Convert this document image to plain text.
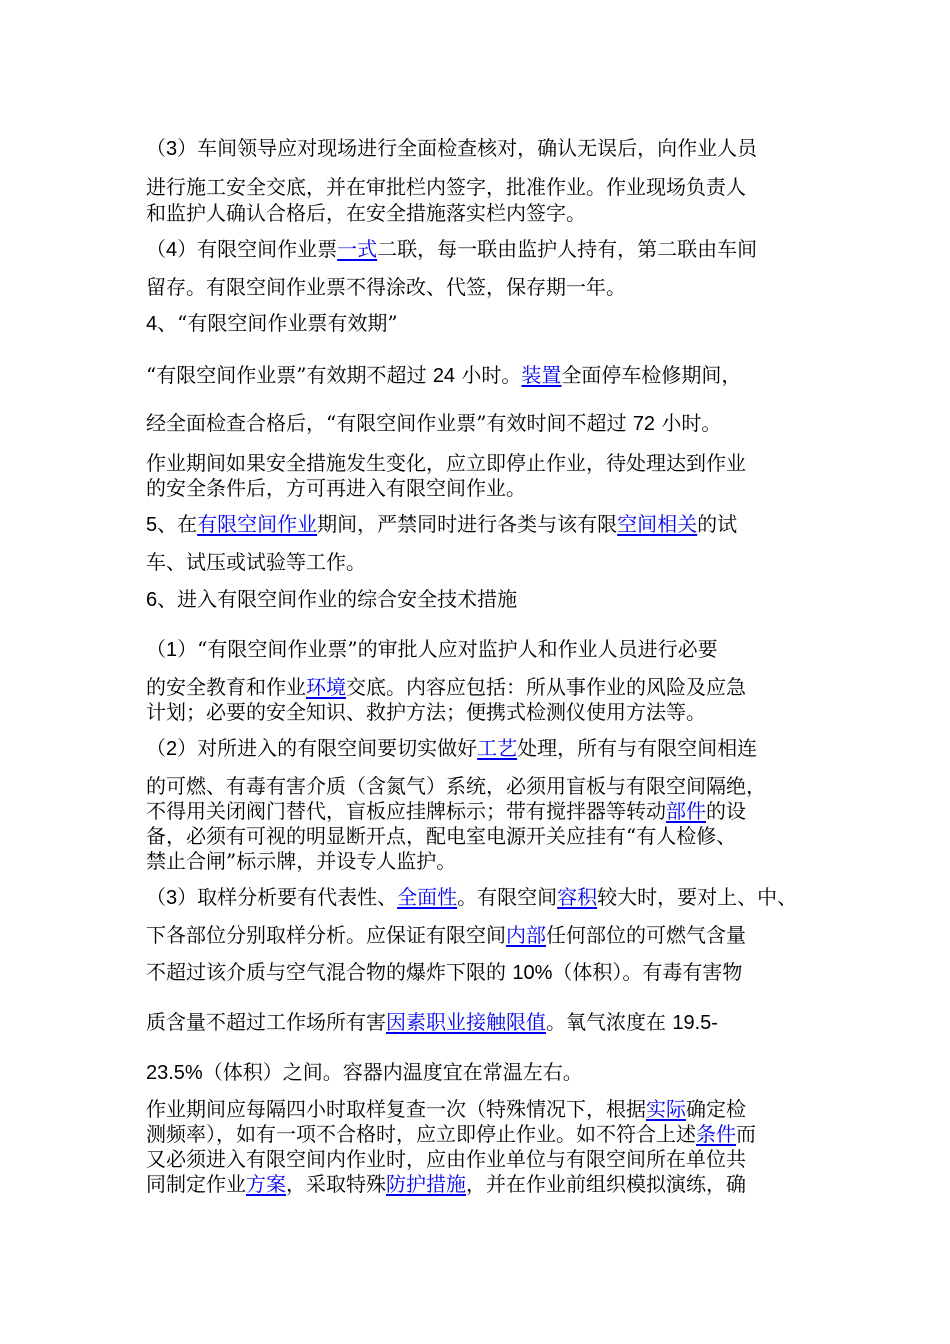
（3）车间领导应对现场进行全面检查核对，确认无误后，向作业人员
进行施工安全交底，并在审批栏内签字，批准作业。作业现场负责人
和监护人确认合格后，在安全措施落实栏内签字。
（4）有限空间作业票一式二联，每一联由监护人持有，第二联由车间
留存。有限空间作业票不得涂改、代签，保存期一年。
4、“有限空间作业票有效期”
“有限空间作业票”有效期不超过 24 小时。装置全面停车检修期间，
经全面检查合格后，“有限空间作业票”有效时间不超过 72 小时。
作业期间如果安全措施发生变化，应立即停止作业，待处理达到作业
的安全条件后，方可再进入有限空间作业。
5、在有限空间作业期间，严禁同时进行各类与该有限空间相关的试
车、试压或试验等工作。
6、进入有限空间作业的综合安全技术措施
（1）“有限空间作业票”的审批人应对监护人和作业人员进行必要
的安全教育和作业环境交底。内容应包括：所从事作业的风险及应急
计划；必要的安全知识、救护方法；便携式检测仪使用方法等。
（2）对所进入的有限空间要切实做好工艺处理，所有与有限空间相连
的可燃、有毒有害介质（含氮气）系统，必须用盲板与有限空间隔绝，
不得用关闭阀门替代，盲板应挂牌标示；带有搅拌器等转动部件的设
备，必须有可视的明显断开点，配电室电源开关应挂有“有人检修、
禁止合闸”标示牌，并设专人监护。
（3）取样分析要有代表性、全面性。有限空间容积较大时，要对上、中、
下各部位分别取样分析。应保证有限空间内部任何部位的可燃气含量
不超过该介质与空气混合物的爆炸下限的 10%（体积）。有毒有害物
质含量不超过工作场所有害因素职业接触限值。氧气浓度在 19.5-
23.5%（体积）之间。容器内温度宜在常温左右。
作业期间应每隔四小时取样复查一次（特殊情况下，根据实际确定检
测频率），如有一项不合格时，应立即停止作业。如不符合上述条件而
又必须进入有限空间内作业时，应由作业单位与有限空间所在单位共
同制定作业方案，采取特殊防护措施，并在作业前组织模拟演练，确
